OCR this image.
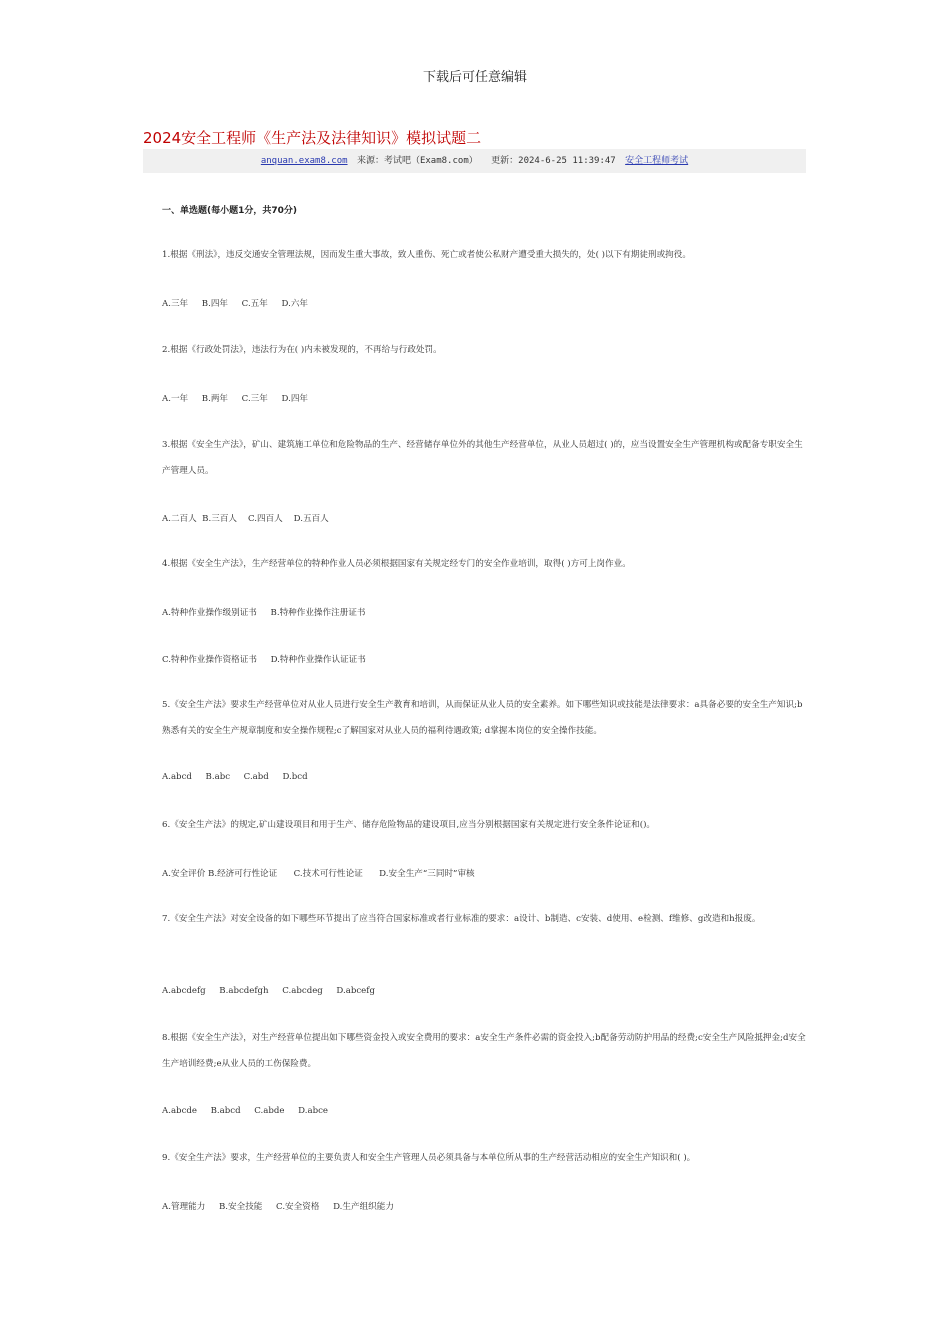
下载后可任意编辑
2024安全工程师《生产法及法律知识》模拟试题二
anquan.exam8.com 来源：考试吧（Exam8.com） 更新：2024-6-25 11:39:47 安全工程师考试
一、单选题(每小题1分，共70分)
1.根据《刑法》，违反交通安全管理法规，因而发生重大事故，致人重伤、死亡或者使公私财产遭受重大损失的，处( )以下有期徒刑或拘役。
A.三年     B.四年     C.五年     D.六年
2.根据《行政处罚法》，违法行为在( )内未被发现的，不再给与行政处罚。
A.一年     B.两年     C.三年     D.四年
3.根据《安全生产法》，矿山、建筑施工单位和危险物品的生产、经营储存单位外的其他生产经营单位，从业人员超过( )的，应当设置安全生产管理机构或配备专职安全生产管理人员。
A.二百人  B.三百人    C.四百人    D.五百人
4.根据《安全生产法》，生产经营单位的特种作业人员必须根据国家有关规定经专门的安全作业培训，取得( )方可上岗作业。
A.特种作业操作级别证书     B.特种作业操作注册证书
C.特种作业操作资格证书     D.特种作业操作认证证书
5.《安全生产法》要求生产经营单位对从业人员进行安全生产教育和培训，从而保证从业人员的安全素养。如下哪些知识或技能是法律要求：a具备必要的安全生产知识;b熟悉有关的安全生产规章制度和安全操作规程;c了解国家对从业人员的福利待遇政策; d掌握本岗位的安全操作技能。
A.abcd     B.abc     C.abd     D.bcd
6.《安全生产法》的规定,矿山建设项目和用于生产、储存危险物品的建设项目,应当分别根据国家有关规定进行安全条件论证和()。
A.安全评价 B.经济可行性论证      C.技术可行性论证      D.安全生产“三同时”审核
7.《安全生产法》对安全设备的如下哪些环节提出了应当符合国家标准或者行业标准的要求：a设计、b制造、c安装、d使用、e检测、f维修、g改造和h报废。
A.abcdefg     B.abcdefgh     C.abcdeg     D.abcefg
8.根据《安全生产法》，对生产经营单位提出如下哪些资金投入或安全费用的要求：a安全生产条件必需的资金投入;b配备劳动防护用品的经费;c安全生产风险抵押金;d安全生产培训经费;e从业人员的工伤保险费。
A.abcde     B.abcd     C.abde     D.abce
9.《安全生产法》要求，生产经营单位的主要负责人和安全生产管理人员必须具备与本单位所从事的生产经营活动相应的安全生产知识和( )。
A.管理能力     B.安全技能     C.安全资格     D.生产组织能力
